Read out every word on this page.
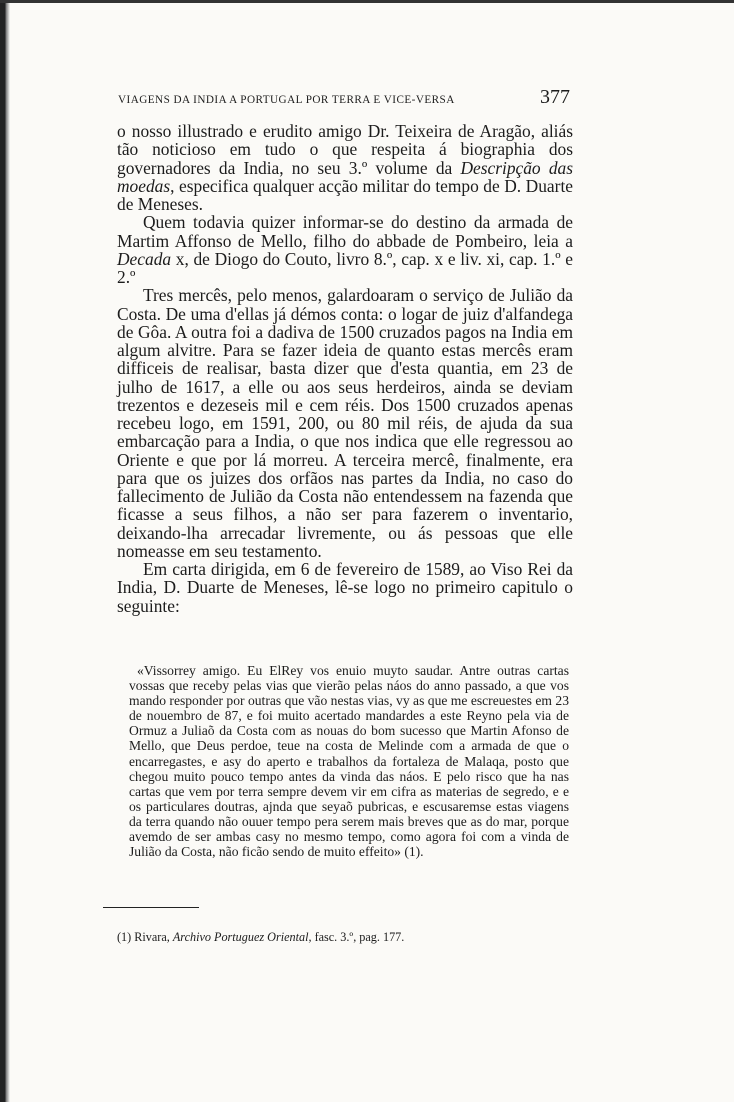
VIAGENS DA INDIA A PORTUGAL POR TERRA E VICE-VERSA	377

o nosso illustrado e erudito amigo Dr. Teixeira de Aragão, aliás tão noticioso em tudo o que respeita á biographia dos governadores da India, no seu 3.º volume da Descripção das moedas, especifica qualquer acção militar do tempo de D. Duarte de Meneses.

Quem todavia quizer informar-se do destino da armada de Martim Affonso de Mello, filho do abbade de Pombeiro, leia a Decada x, de Diogo do Couto, livro 8.º, cap. x e liv. xi, cap. 1.º e 2.º

Tres mercês, pelo menos, galardoaram o serviço de Julião da Costa. De uma d'ellas já démos conta: o logar de juiz d'alfandega de Gôa. A outra foi a dadiva de 1500 cruzados pagos na India em algum alvitre. Para se fazer ideia de quanto estas mercês eram difficeis de realisar, basta dizer que d'esta quantia, em 23 de julho de 1617, a elle ou aos seus herdeiros, ainda se deviam trezentos e dezeseis mil e cem réis. Dos 1500 cruzados apenas recebeu logo, em 1591, 200, ou 80 mil réis, de ajuda da sua embarcação para a India, o que nos indica que elle regressou ao Oriente e que por lá morreu. A terceira mercê, finalmente, era para que os juizes dos orfãos nas partes da India, no caso do fallecimento de Julião da Costa não entendessem na fazenda que ficasse a seus filhos, a não ser para fazerem o inventario, deixando-lha arrecadar livremente, ou ás pessoas que elle nomeasse em seu testamento.

Em carta dirigida, em 6 de fevereiro de 1589, ao Viso Rei da India, D. Duarte de Meneses, lê-se logo no primeiro capitulo o seguinte:

«Vissorrey amigo. Eu ElRey vos enuio muyto saudar. Antre outras cartas vossas que receby pelas vias que vierão pelas náos do anno passado, a que vos mando responder por outras que vão nestas vias, vy as que me escreuestes em 23 de nouembro de 87, e foi muito acertado mandardes a este Reyno pela via de Ormuz a Juliaõ da Costa com as nouas do bom sucesso que Martin Afonso de Mello, que Deus perdoe, teue na costa de Melinde com a armada de que o encarregastes, e asy do aperto e trabalhos da fortaleza de Malaqa, posto que chegou muito pouco tempo antes da vinda das náos. E pelo risco que ha nas cartas que vem por terra sempre devem vir em cifra as materias de segredo, e e os particulares doutras, ajnda que seyaõ pubricas, e escusaremse estas viagens da terra quando não ouuer tempo pera serem mais breves que as do mar, porque avemdo de ser ambas casy no mesmo tempo, como agora foi com a vinda de Julião da Costa, não ficão sendo de muito effeito» (1).

(1) Rivara, Archivo Portuguez Oriental, fasc. 3.º, pag. 177.
